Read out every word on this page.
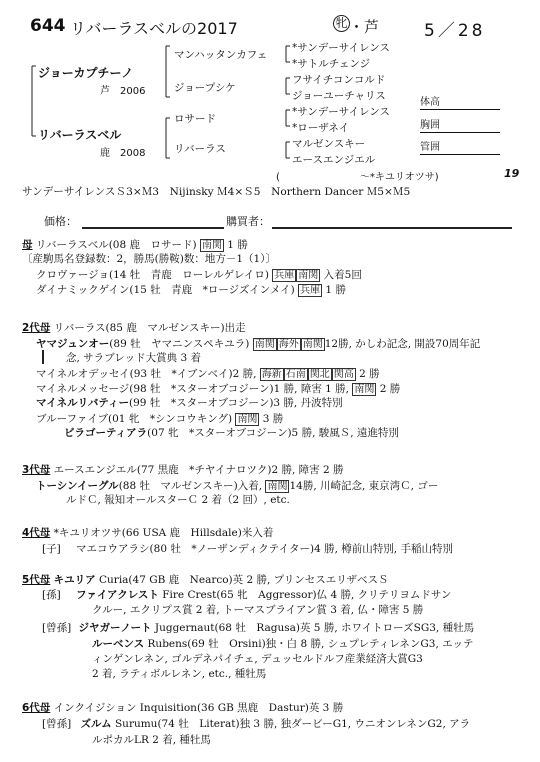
644 リバーラスベルの2017	牝 ・芦	5／28
ジョーカプチーノ
芦　2006
リバーラスベル
鹿　2008
マンハッタンカフェ
ジョープシケ
ロサード
リバーラス
*サンデーサイレンス
*サトルチェンジ
フサイチコンコルド
ジョーユーチャリス
*サンデーサイレンス
*ローザネイ
マルゼンスキー
エースエンジエル
(　　　　　　　　～*キユリオツサ)	19
体高
胸囲
管囲
サンデーサイレンスＳ3×Ｍ3　Nijinsky Ｍ4×Ｓ5　Northern Dancer Ｍ5×Ｍ5
価格：	購買者：
母 リバーラスベル(08 鹿　ロサード) 南関 1 勝
〔産駒馬名登録数：2，勝馬(勝鞍)数：地方－1（1）〕
クロヴァージョ(14 牡　青鹿　ローレルゲレイロ) 兵庫 南関 入着5回
ダイナミックゲイン(15 牡　青鹿　*ロージズインメイ) 兵庫 1 勝
2代母 リバーラス(85 鹿　マルゼンスキー)出走
ヤマジュンオー(89 牡　ヤマニンスペキユラ) 南関 海外 南関 12勝, かしわ記念, 開設70周年記
念, サラブレッド大賞典 3 着
マイネルオデッセイ(93 牡　*イブンベイ)2 勝, 海新 石南 関北 関高 2 勝
マイネルメッセージ(98 牡　*スターオブコジーン)1 勝, 障害 1 勝, 南関 2 勝
マイネルリバティー(99 牡　*スターオブコジーン)3 勝, 丹波特別
ブルーファイブ(01 牝　*シンコウキング) 南関 3 勝
ビラゴーティアラ(07 牝　*スターオブコジーン)5 勝, 駿風Ｓ, 遠進特別
3代母 エースエンジエル(77 黒鹿　*チヤイナロツク)2 勝, 障害 2 勝
トーシンイーグル(88 牡　マルゼンスキー)入着, 南関 14勝, 川崎記念, 東京湾Ｃ, ゴー
ルドＣ, 報知オールスターＣ 2 着（2 回）, etc.
4代母 *キユリオツサ(66 USA 鹿　Hillsdale)米入着
[子] マエコウアラシ(80 牡　*ノーザンディクテイター)4 勝, 樽前山特別, 手稲山特別
5代母 キユリア Curia(47 GB 鹿　Nearco)英 2 勝, プリンセスエリザベスＳ
[孫] ファイアクレスト Fire Crest(65 牝　Aggressor)仏 4 勝, クリテリヨムドサン
クルー, エクリプス賞 2 着, トーマスブライアン賞 3 着, 仏・障害 5 勝
[曾孫] ジヤガーノート Juggernaut(68 牡　Ragusa)英 5 勝, ホワイトローズSG3, 種牡馬
ルーベンス Rubens(69 牡　Orsini)独・白 8 勝, シュプレティレネンG3, エッテ
ィンゲンレネン, ゴルデネパイチェ, デュッセルドルフ産業経済大賞G3
2 着, ラティボルレネン, etc., 種牡馬
6代母 インクイジション Inquisition(36 GB 黒鹿　Dastur)英 3 勝
[曾孫] ズルム Surumu(74 牡　Literat)独 3 勝, 独ダービーG1, ウニオンレネンG2, アラ
ルポカルLR 2 着, 種牡馬
